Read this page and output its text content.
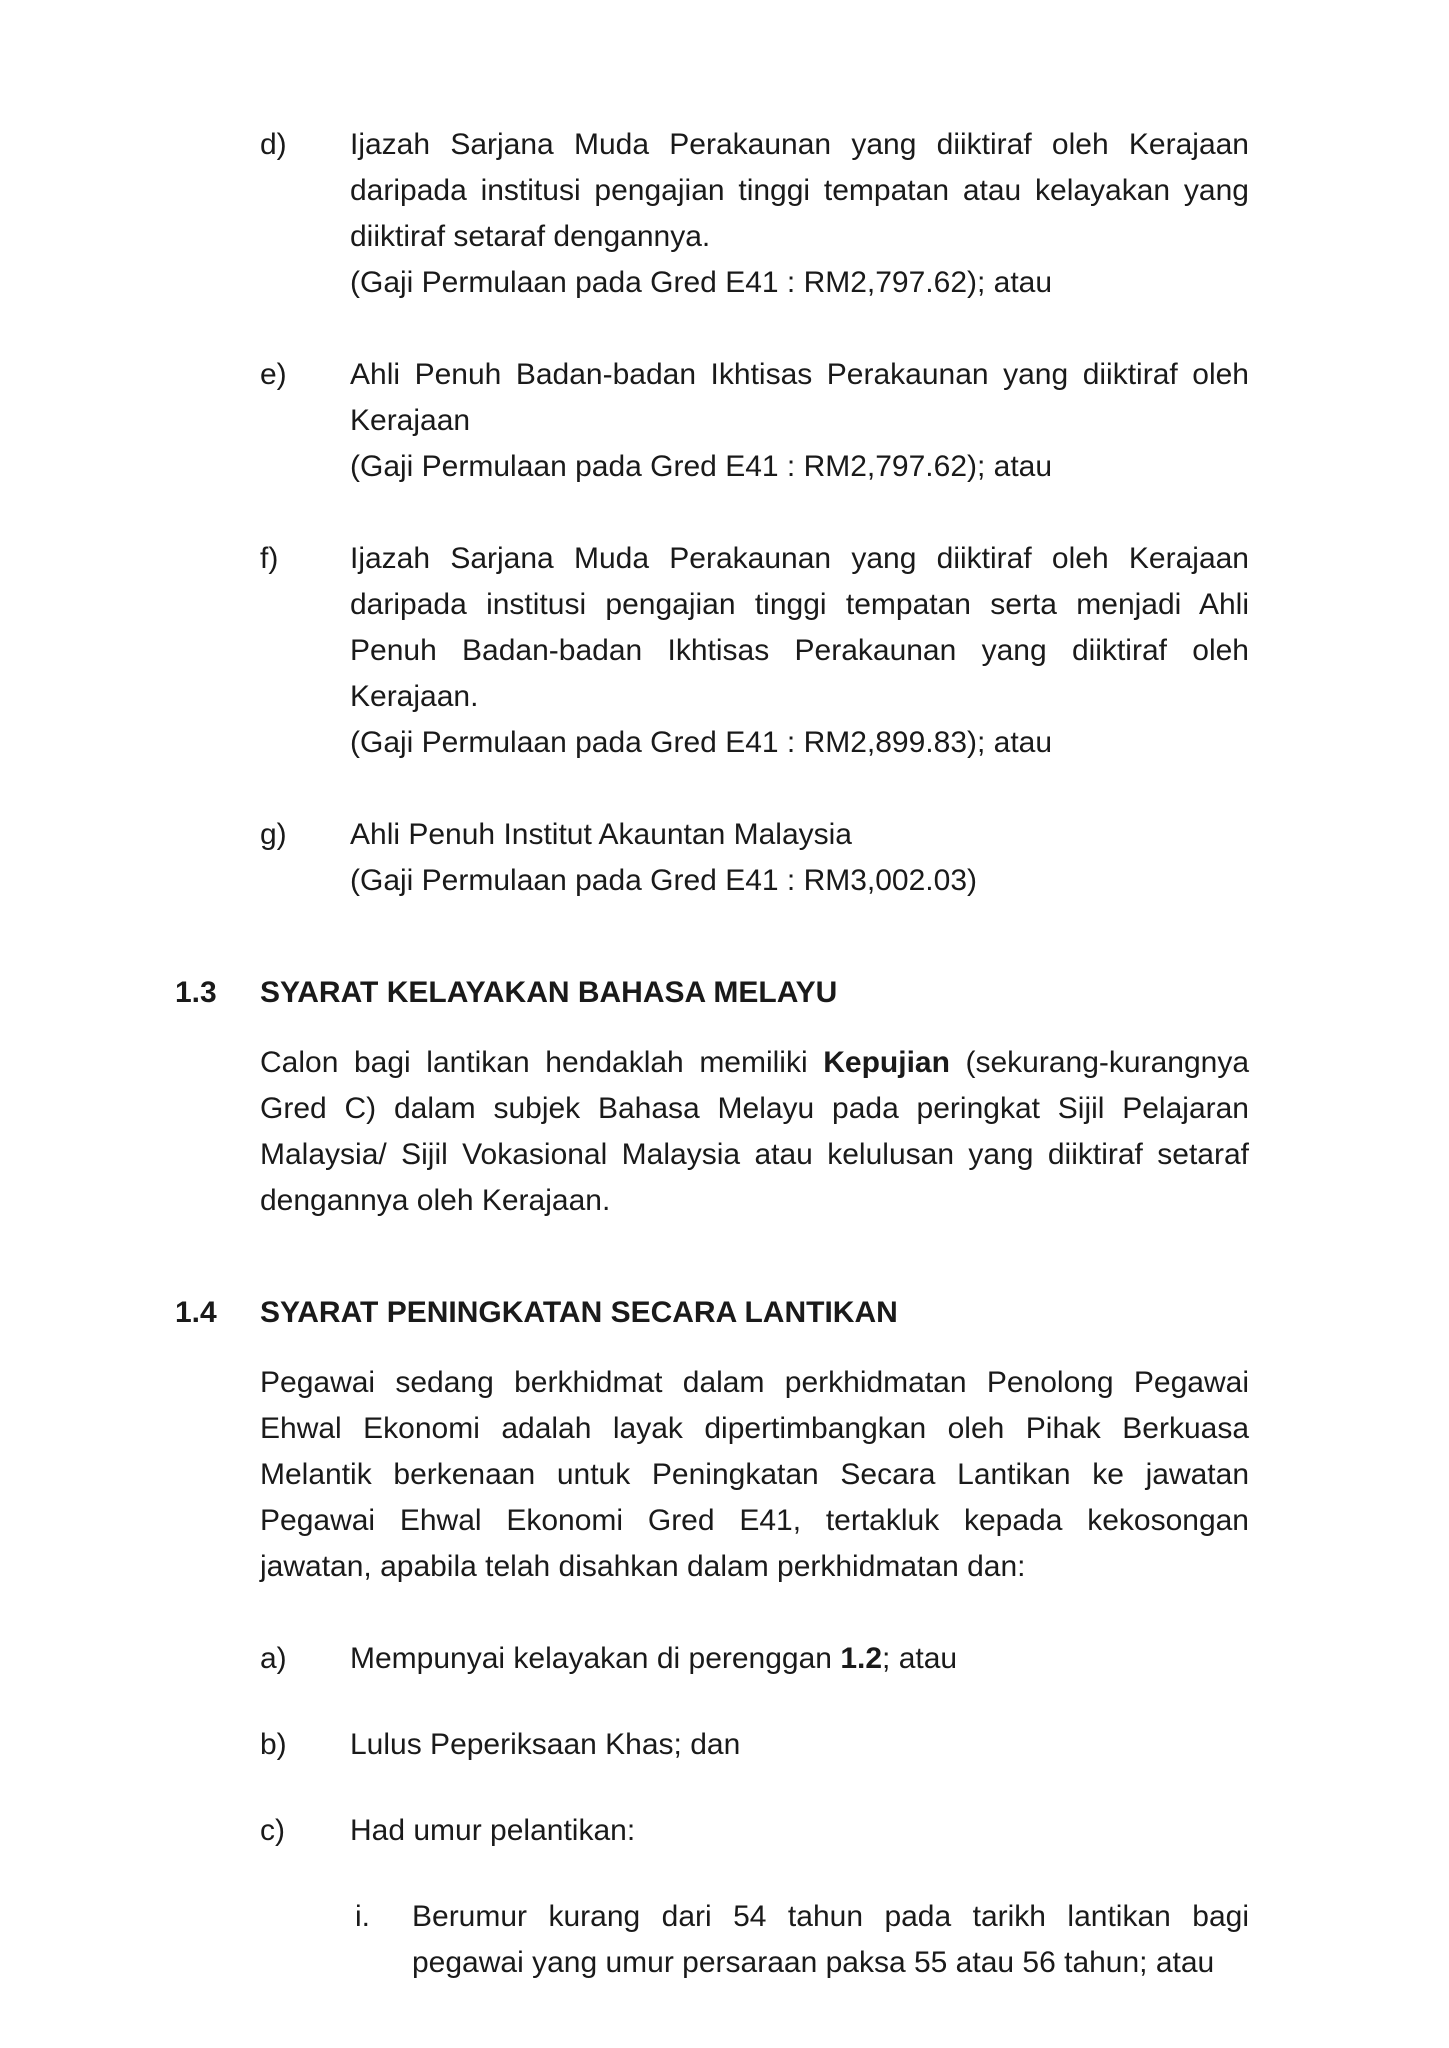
d)	Ijazah Sarjana Muda Perakaunan yang diiktiraf oleh Kerajaan daripada institusi pengajian tinggi tempatan atau kelayakan yang diiktiraf setaraf dengannya.
(Gaji Permulaan pada Gred E41 : RM2,797.62); atau
e)	Ahli Penuh Badan-badan Ikhtisas Perakaunan yang diiktiraf oleh Kerajaan
(Gaji Permulaan pada Gred E41 : RM2,797.62); atau
f)	Ijazah Sarjana Muda Perakaunan yang diiktiraf oleh Kerajaan daripada institusi pengajian tinggi tempatan serta menjadi Ahli Penuh Badan-badan Ikhtisas Perakaunan yang diiktiraf oleh Kerajaan.
(Gaji Permulaan pada Gred E41 : RM2,899.83); atau
g)	Ahli Penuh Institut Akauntan Malaysia
(Gaji Permulaan pada Gred E41 : RM3,002.03)
1.3	SYARAT KELAYAKAN BAHASA MELAYU
Calon bagi lantikan hendaklah memiliki Kepujian (sekurang-kurangnya Gred C) dalam subjek Bahasa Melayu pada peringkat Sijil Pelajaran Malaysia/ Sijil Vokasional Malaysia atau kelulusan yang diiktiraf setaraf dengannya oleh Kerajaan.
1.4	SYARAT PENINGKATAN SECARA LANTIKAN
Pegawai sedang berkhidmat dalam perkhidmatan Penolong Pegawai Ehwal Ekonomi adalah layak dipertimbangkan oleh Pihak Berkuasa Melantik berkenaan untuk Peningkatan Secara Lantikan ke jawatan Pegawai Ehwal Ekonomi Gred E41, tertakluk kepada kekosongan jawatan, apabila telah disahkan dalam perkhidmatan dan:
a)	Mempunyai kelayakan di perenggan 1.2; atau
b)	Lulus Peperiksaan Khas; dan
c)	Had umur pelantikan:
i.	Berumur kurang dari 54 tahun pada tarikh lantikan bagi pegawai yang umur persaraan paksa 55 atau 56 tahun; atau
